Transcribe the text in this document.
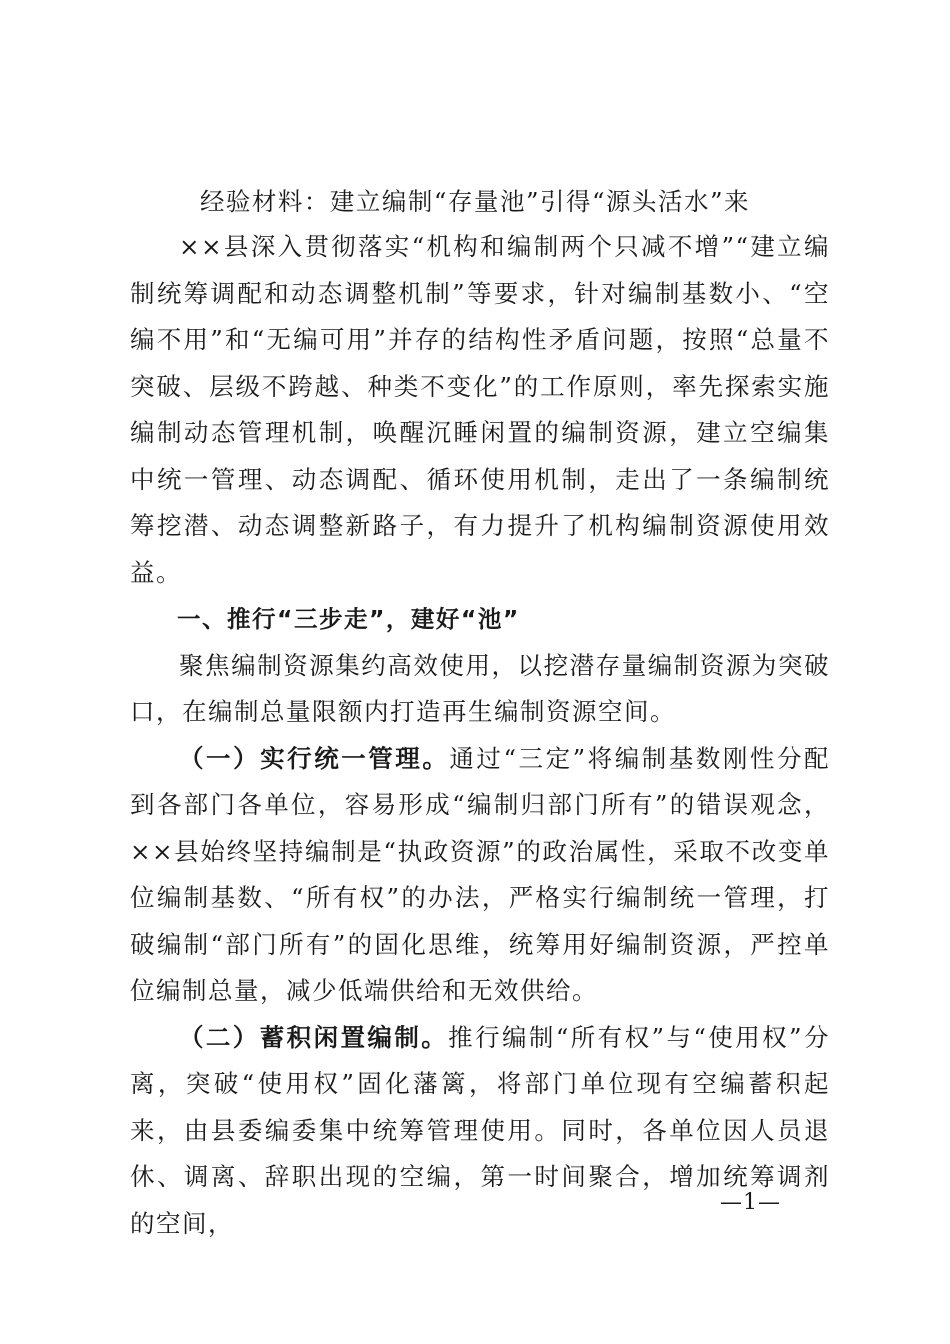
经验材料：建立编制“存量池”引得“源头活水”来

××县深入贯彻落实“机构和编制两个只减不增”“建立编制统筹调配和动态调整机制”等要求，针对编制基数小、“空编不用”和“无编可用”并存的结构性矛盾问题，按照“总量不突破、层级不跨越、种类不变化”的工作原则，率先探索实施编制动态管理机制，唤醒沉睡闲置的编制资源，建立空编集中统一管理、动态调配、循环使用机制，走出了一条编制统筹挖潜、动态调整新路子，有力提升了机构编制资源使用效益。

一、推行“三步走”，建好“池”

聚焦编制资源集约高效使用，以挖潜存量编制资源为突破口，在编制总量限额内打造再生编制资源空间。

（一）实行统一管理。通过“三定”将编制基数刚性分配到各部门各单位，容易形成“编制归部门所有”的错误观念，××县始终坚持编制是“执政资源”的政治属性，采取不改变单位编制基数、“所有权”的办法，严格实行编制统一管理，打破编制“部门所有”的固化思维，统筹用好编制资源，严控单位编制总量，减少低端供给和无效供给。

（二）蓄积闲置编制。推行编制“所有权”与“使用权”分离，突破“使用权”固化藩篱，将部门单位现有空编蓄积起来，由县委编委集中统筹管理使用。同时，各单位因人员退休、调离、辞职出现的空编，第一时间聚合，增加统筹调剂的空间，

—1—
